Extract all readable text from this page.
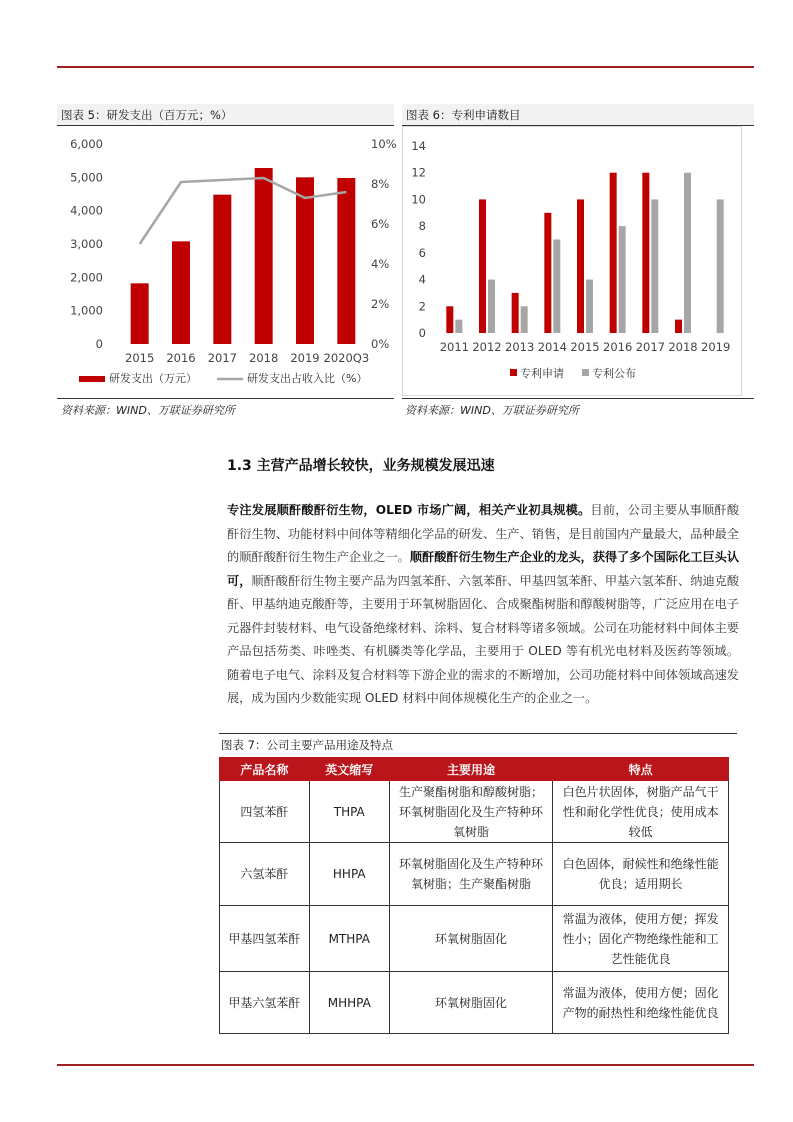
图表 5：研发支出（百万元；%）
0
1,000
2,000
3,000
4,000
5,000
6,000
0%
2%
4%
6%
8%
10%
2015 2016 2017 2018 2019 2020Q3
研发支出（万元）	研发支出占收入比（%）
资料来源：WIND、万联证券研究所
图表 6：专利申请数目
0
2
4
6
8
10
12
14
2011 2012 2013 2014 2015 2016 2017 2018 2019
专利申请	专利公布
资料来源：WIND、万联证券研究所
1.3 主营产品增长较快，业务规模发展迅速
专注发展顺酐酸酐衍生物，OLED 市场广阔，相关产业初具规模。目前，公司主要从事顺酐酸酐衍生物、功能材料中间体等精细化学品的研发、生产、销售，是目前国内产量最大，品种最全的顺酐酸酐衍生物生产企业之一。顺酐酸酐衍生物生产企业的龙头，获得了多个国际化工巨头认可，顺酐酸酐衍生物主要产品为四氢苯酐、六氢苯酐、甲基四氢苯酐、甲基六氢苯酐、纳迪克酸酐、甲基纳迪克酸酐等，主要用于环氧树脂固化、合成聚酯树脂和醇酸树脂等，广泛应用在电子元器件封装材料、电气设备绝缘材料、涂料、复合材料等诸多领域。公司在功能材料中间体主要产品包括芴类、咔唑类、有机膦类等化学品，主要用于 OLED 等有机光电材料及医药等领域。随着电子电气、涂料及复合材料等下游企业的需求的不断增加，公司功能材料中间体领域高速发展，成为国内少数能实现 OLED 材料中间体规模化生产的企业之一。
图表 7：公司主要产品用途及特点
产品名称	英文缩写	主要用途	特点
四氢苯酐	THPA	生产聚酯树脂和醇酸树脂；环氧树脂固化及生产特种环氧树脂	白色片状固体，树脂产品气干性和耐化学性优良；使用成本较低
六氢苯酐	HHPA	环氧树脂固化及生产特种环氧树脂；生产聚酯树脂	白色固体，耐候性和绝缘性能优良；适用期长
甲基四氢苯酐	MTHPA	环氧树脂固化	常温为液体，使用方便；挥发性小；固化产物绝缘性能和工艺性能优良
甲基六氢苯酐	MHHPA	环氧树脂固化	常温为液体，使用方便；固化产物的耐热性和绝缘性能优良
